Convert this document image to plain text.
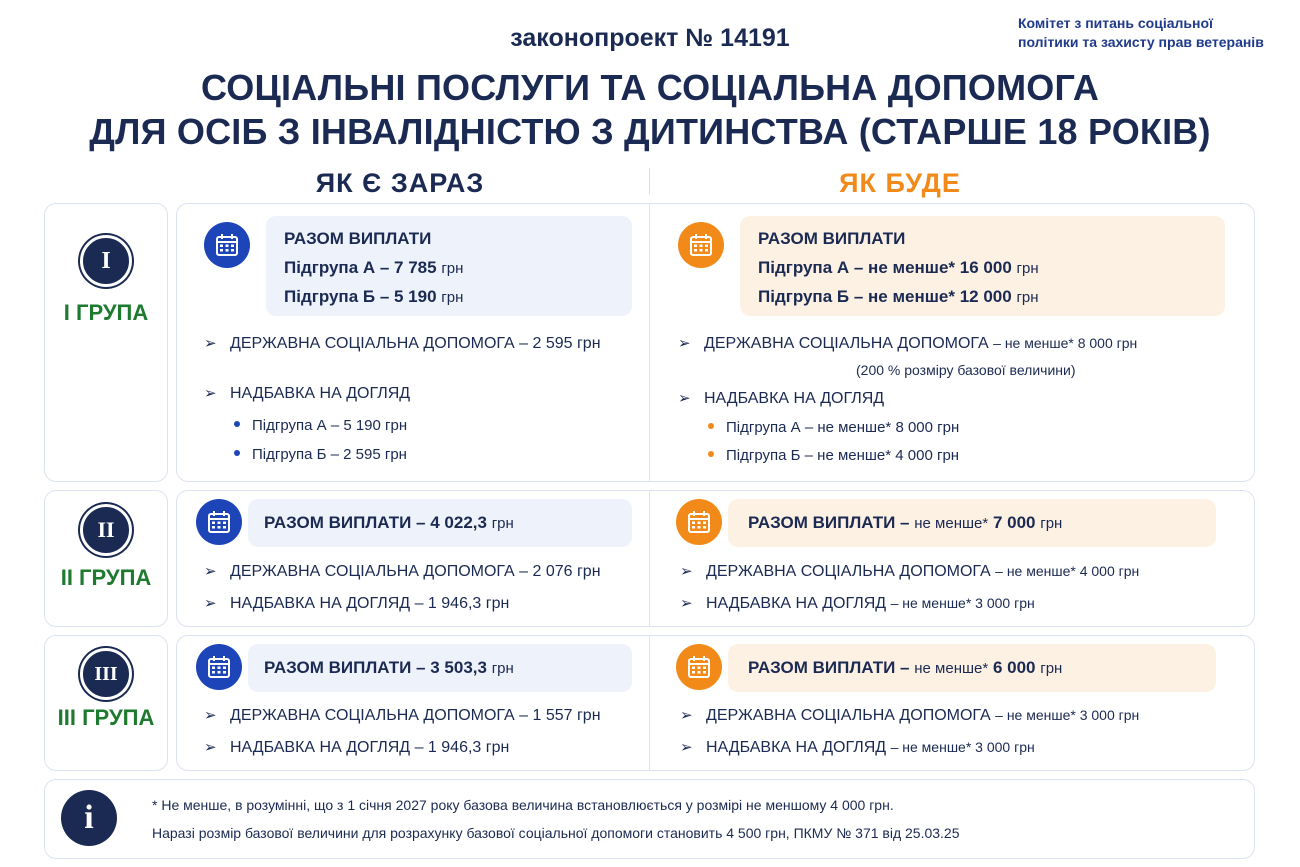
Комітет з питань соціальної
політики та захисту прав ветеранів
законопроект № 14191
СОЦІАЛЬНІ ПОСЛУГИ ТА СОЦІАЛЬНА ДОПОМОГА
ДЛЯ ОСІБ З ІНВАЛІДНІСТЮ З ДИТИНСТВА (СТАРШЕ 18 РОКІВ)
ЯК Є ЗАРАЗ	ЯК БУДЕ
I
I ГРУПА
РАЗОМ ВИПЛАТИ
Підгрупа А – 7 785 грн
Підгрупа Б – 5 190 грн
➢ ДЕРЖАВНА СОЦІАЛЬНА ДОПОМОГА – 2 595 грн
➢ НАДБАВКА НА ДОГЛЯД
Підгрупа А – 5 190 грн
Підгрупа Б – 2 595 грн
РАЗОМ ВИПЛАТИ
Підгрупа А – не менше* 16 000 грн
Підгрупа Б – не менше* 12 000 грн
➢ ДЕРЖАВНА СОЦІАЛЬНА ДОПОМОГА – не менше* 8 000 грн
(200 % розміру базової величини)
➢ НАДБАВКА НА ДОГЛЯД
Підгрупа А – не менше* 8 000 грн
Підгрупа Б – не менше* 4 000 грн
II
II ГРУПА
РАЗОМ ВИПЛАТИ – 4 022,3 грн
➢ ДЕРЖАВНА СОЦІАЛЬНА ДОПОМОГА – 2 076 грн
➢ НАДБАВКА НА ДОГЛЯД – 1 946,3 грн
РАЗОМ ВИПЛАТИ – не менше* 7 000 грн
➢ ДЕРЖАВНА СОЦІАЛЬНА ДОПОМОГА – не менше* 4 000 грн
➢ НАДБАВКА НА ДОГЛЯД – не менше* 3 000 грн
III
III ГРУПА
РАЗОМ ВИПЛАТИ – 3 503,3 грн
➢ ДЕРЖАВНА СОЦІАЛЬНА ДОПОМОГА – 1 557 грн
➢ НАДБАВКА НА ДОГЛЯД – 1 946,3 грн
РАЗОМ ВИПЛАТИ – не менше* 6 000 грн
➢ ДЕРЖАВНА СОЦІАЛЬНА ДОПОМОГА – не менше* 3 000 грн
➢ НАДБАВКА НА ДОГЛЯД – не менше* 3 000 грн
i	* Не менше, в розумінні, що з 1 січня 2027 року базова величина встановлюється у розмірі не меншому 4 000 грн.
Наразі розмір базової величини для розрахунку базової соціальної допомоги становить 4 500 грн, ПКМУ № 371 від 25.03.25
